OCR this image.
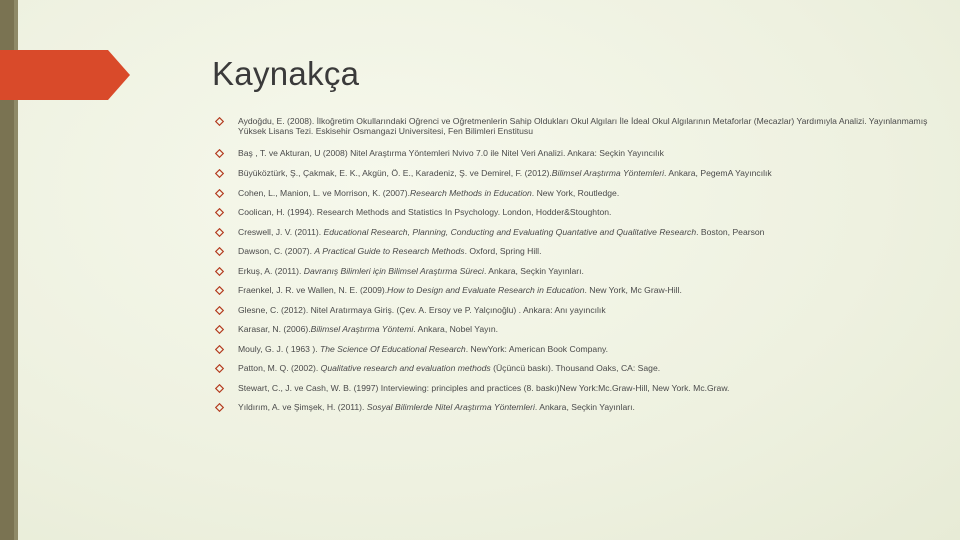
Kaynakça
Aydoğdu, E. (2008). İlkoğretim Okullarındaki Oğrenci ve Oğretmenlerin Sahip Oldukları Okul Algıları İle İdeal Okul Algılarının Metaforlar (Mecazlar) Yardımıyla Analizi. Yayınlanmamış Yüksek Lisans Tezi. Eskisehir Osmangazi Universitesi, Fen Bilimleri Enstitusu
Baş , T. ve Akturan, U (2008) Nitel Araştırma Yöntemleri Nvivo 7.0 ile Nitel Veri Analizi. Ankara: Seçkin Yayıncılık
Büyüköztürk, Ş., Çakmak, E. K., Akgün, Ö. E., Karadeniz, Ş. ve Demirel, F. (2012).Bilimsel Araştırma Yöntemleri. Ankara, PegemA Yayıncılık
Cohen, L., Manion, L. ve Morrison, K. (2007).Research Methods in Education. New York, Routledge.
Coolican, H. (1994). Research Methods and Statistics In Psychology. London, Hodder&Stoughton.
Creswell, J. V. (2011). Educational Research, Planning, Conducting and Evaluating Quantative and Qualitative Research. Boston, Pearson
Dawson, C. (2007). A Practical Guide to Research Methods. Oxford, Spring Hill.
Erkuş, A. (2011). Davranış Bilimleri için Bilimsel Araştırma Süreci. Ankara, Seçkin Yayınları.
Fraenkel, J. R. ve Wallen, N. E. (2009).How to Design and Evaluate Research in Education. New York, Mc Graw-Hill.
Glesne, C. (2012). Nitel Aratırmaya Giriş. (Çev. A. Ersoy ve P. Yalçınoğlu) . Ankara: Anı yayıncılık
Karasar, N. (2006).Bilimsel Araştırma Yöntemi. Ankara, Nobel Yayın.
Mouly, G. J. ( 1963 ). The Science Of Educational Research. NewYork: American Book Company.
Patton, M. Q. (2002). Qualitative research and evaluation methods (Üçüncü baskı). Thousand Oaks, CA: Sage.
Stewart, C., J. ve Cash, W. B. (1997) Interviewing: principles and practices (8. baskı)New York:Mc.Graw-Hill, New York. Mc.Graw.
Yıldırım, A. ve Şimşek, H. (2011). Sosyal Bilimlerde Nitel Araştırma Yöntemleri. Ankara, Seçkin Yayınları.
